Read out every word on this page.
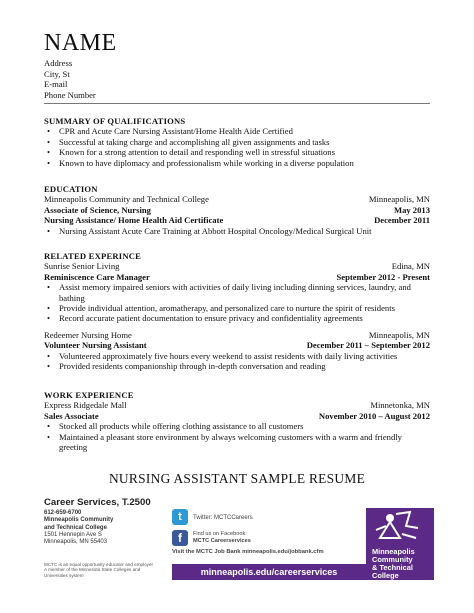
NAME
Address
City, St
E-mail
Phone Number
SUMMARY OF QUALIFICATIONS
• CPR and Acute Care Nursing Assistant/Home Health Aide Certified
• Successful at taking charge and accomplishing all given assignments and tasks
• Known for a strong attention to detail and responding well in stressful situations
• Known to have diplomacy and professionalism while working in a diverse population
EDUCATION
Minneapolis Community and Technical College	Minneapolis, MN
Associate of Science, Nursing	May 2013
Nursing Assistance/ Home Health Aid Certificate	December 2011
• Nursing Assistant Acute Care Training at Abbott Hospital Oncology/Medical Surgical Unit
RELATED EXPERINCE
Sunrise Senior Living	Edina, MN
Reminiscence Care Manager	September 2012 - Present
• Assist memory impaired seniors with activities of daily living including dinning services, laundry, and bathing
• Provide individual attention, aromatherapy, and personalized care to nurture the spirit of residents
• Record accurate patient documentation to ensure privacy and confidentiality agreements
Redeemer Nursing Home	Minneapolis, MN
Volunteer Nursing Assistant	December 2011 – September 2012
• Volunteered approximately five hours every weekend to assist residents with daily living activities
• Provided residents companionship through in-depth conversation and reading
WORK EXPERIENCE
Express Ridgedale Mall	Minnetonka, MN
Sales Associate	November 2010 – August 2012
• Stocked all products while offering clothing assistance to all customers
• Maintained a pleasant store environment by always welcoming customers with a warm and friendly greeting
NURSING ASSISTANT SAMPLE RESUME
Career Services, T.2500
612-659-6700
Minneapolis Community
and Technical College
1501 Hennepin Ave S
Minneapolis, MN 55403
MCTC is an equal opportunity educator and employer
A member of the Minnesota State Colleges and
Universities system
t	Twitter: MCTCCareers
f	Find us on Facebook:
MCTC Careerservices
Visit the MCTC Job Bank minneapolis.edu/jobbank.cfm
minneapolis.edu/careerservices
Minneapolis
Community
& Technical
College
